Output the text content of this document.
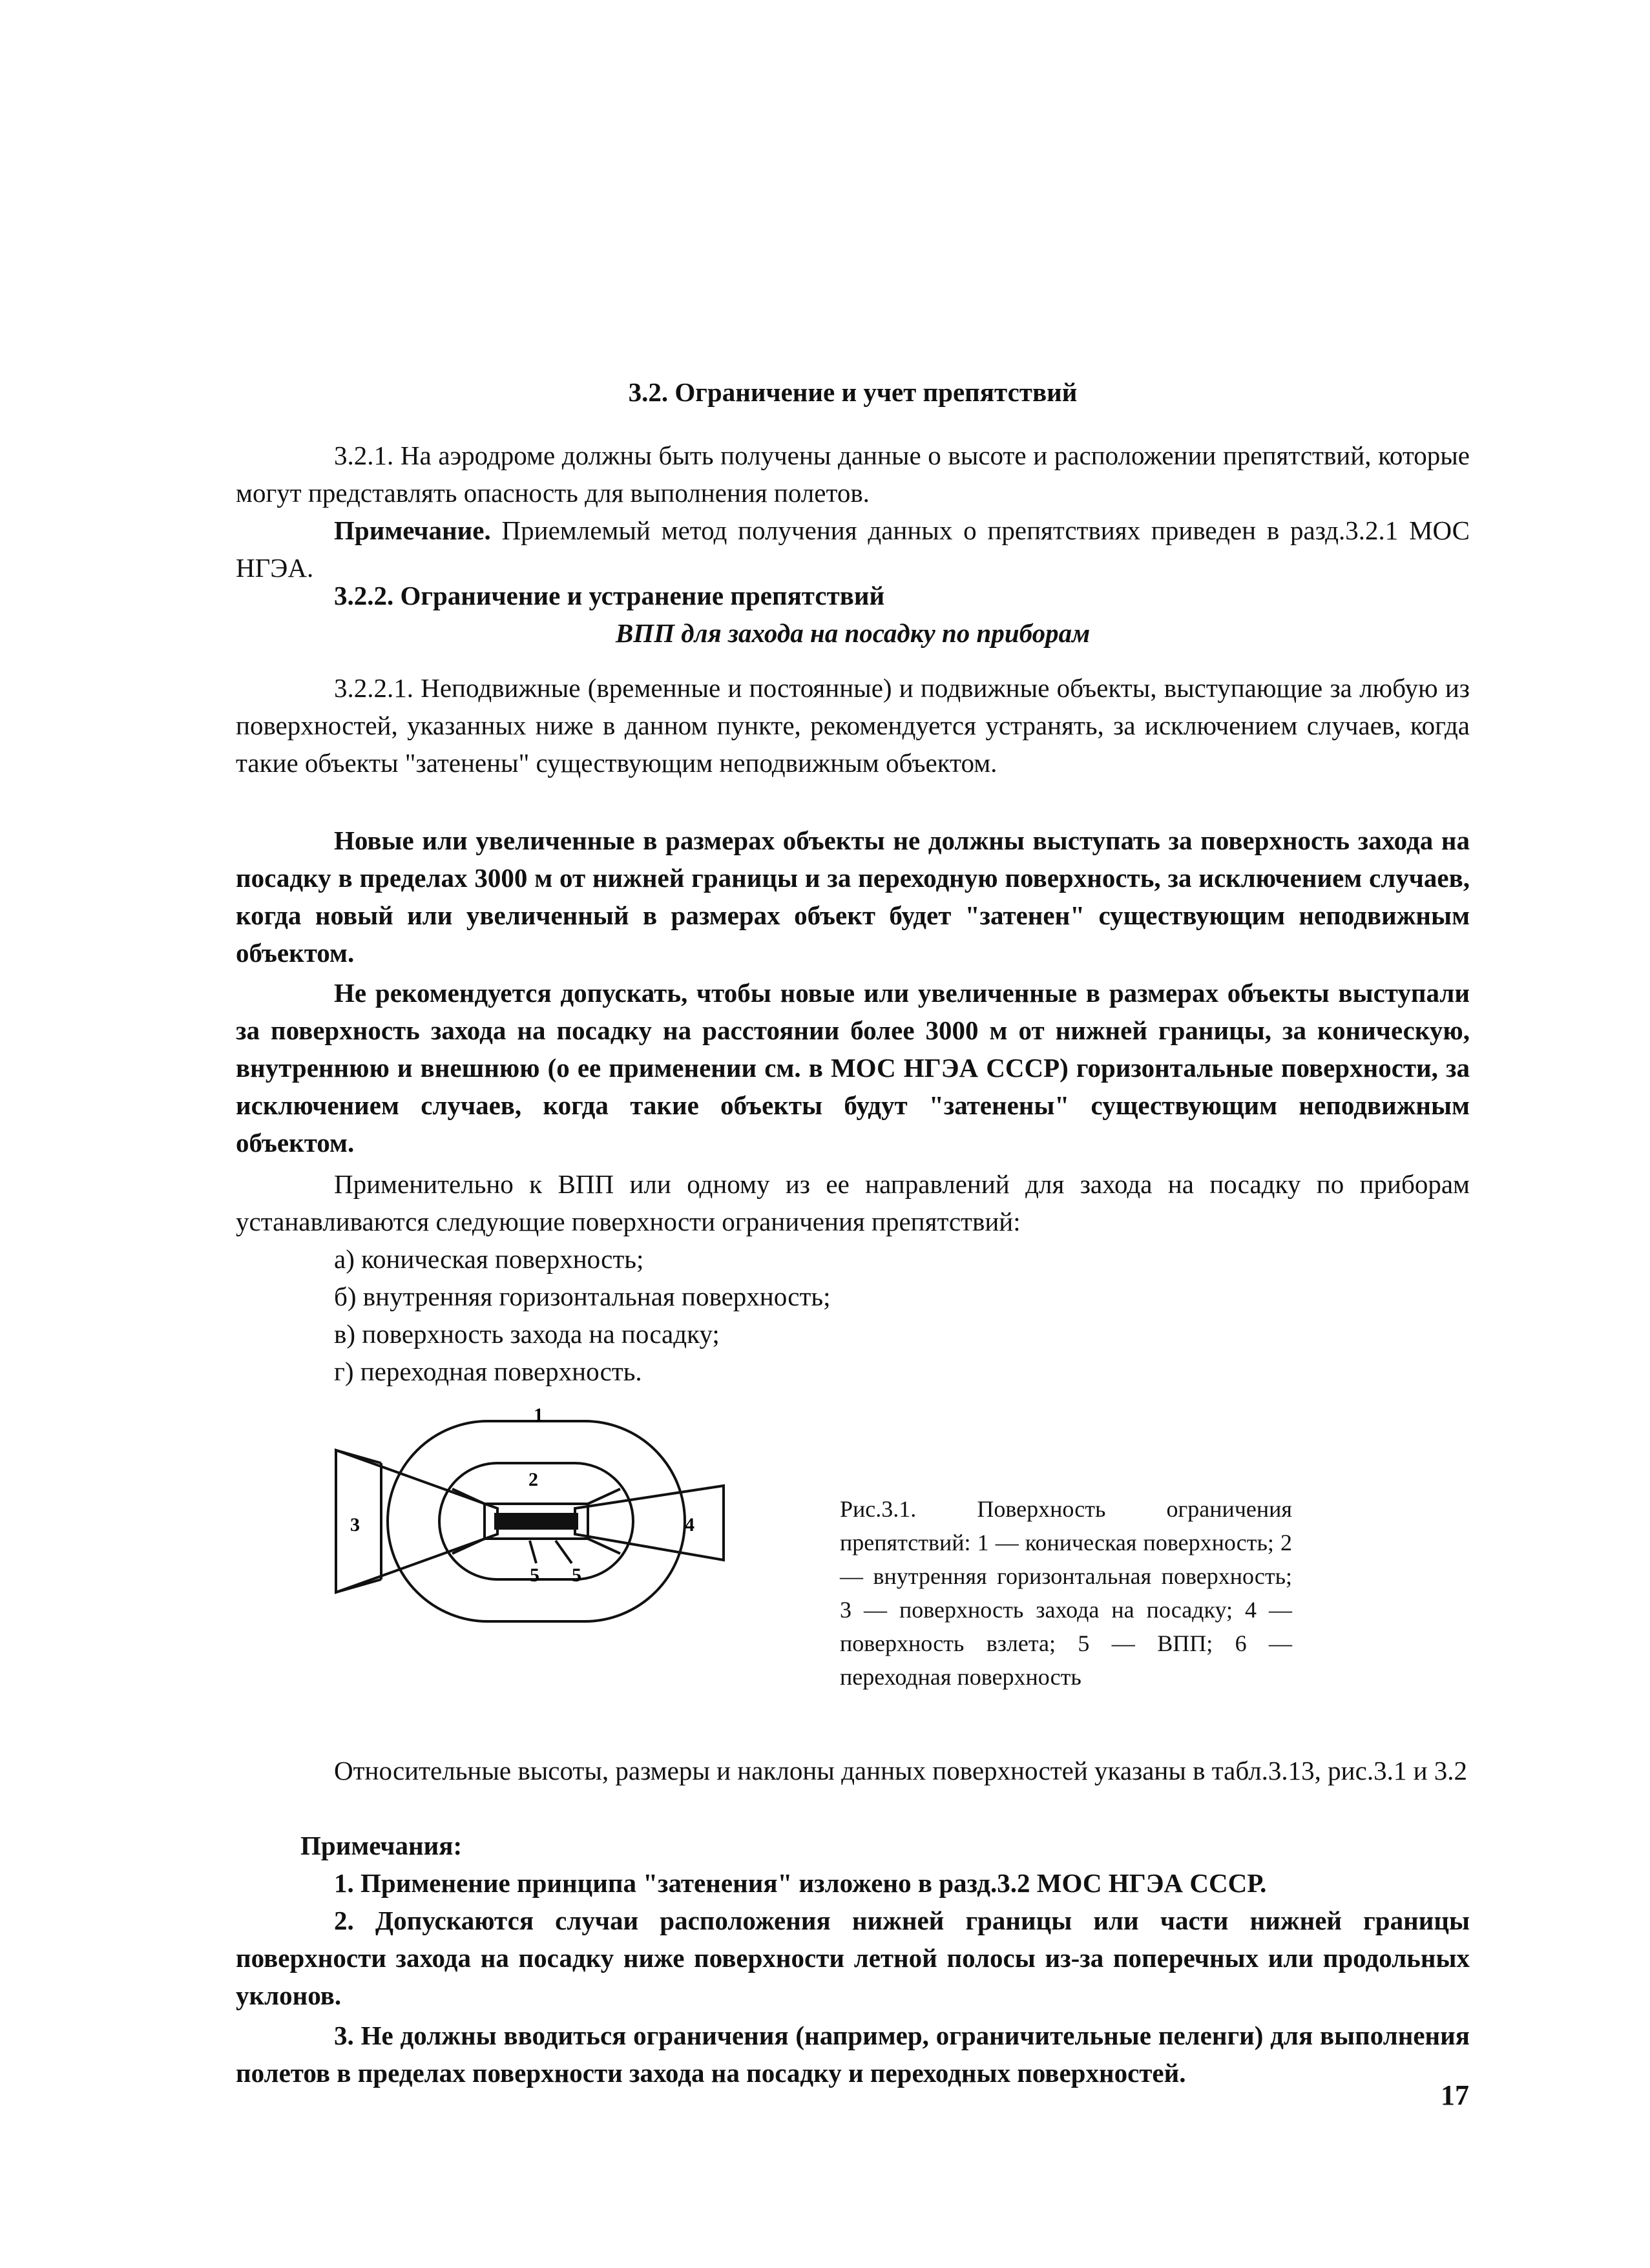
3.2. Ограничение и учет препятствий
3.2.1. На аэродроме должны быть получены данные о высоте и расположении препятствий, которые могут представлять опасность для выполнения полетов.
Примечание. Приемлемый метод получения данных о препятствиях приведен в разд.3.2.1 МОС НГЭА.
3.2.2. Ограничение и устранение препятствий
ВПП для захода на посадку по приборам
3.2.2.1. Неподвижные (временные и постоянные) и подвижные объекты, выступающие за любую из поверхностей, указанных ниже в данном пункте, рекомендуется устранять, за исключением случаев, когда такие объекты "затенены" существующим неподвижным объектом.
Новые или увеличенные в размерах объекты не должны выступать за поверхность захода на посадку в пределах 3000 м от нижней границы и за переходную поверхность, за исключением случаев, когда новый или увеличенный в размерах объект будет "затенен" существующим неподвижным объектом.
Не рекомендуется допускать, чтобы новые или увеличенные в размерах объекты выступали за поверхность захода на посадку на расстоянии более 3000 м от нижней границы, за коническую, внутреннюю и внешнюю (о ее применении см. в МОС НГЭА СССР) горизонтальные поверхности, за исключением случаев, когда такие объекты будут "затенены" существующим неподвижным объектом.
Применительно к ВПП или одному из ее направлений для захода на посадку по приборам устанавливаются следующие поверхности ограничения препятствий:
а) коническая поверхность;
б) внутренняя горизонтальная поверхность;
в) поверхность захода на посадку;
г) переходная поверхность.
1
2
3	4
5 5
Рис.3.1. Поверхность ограничения препятствий: 1 — коническая поверхность; 2 — внутренняя горизонтальная поверхность; 3 — поверхность захода на посадку; 4 — поверхность взлета; 5 — ВПП; 6 —переходная поверхность
Относительные высоты, размеры и наклоны данных поверхностей указаны в табл.3.13, рис.3.1 и 3.2
Примечания:
1. Применение принципа "затенения" изложено в разд.3.2 МОС НГЭА СССР.
2. Допускаются случаи расположения нижней границы или части нижней границы поверхности захода на посадку ниже поверхности летной полосы из-за поперечных или продольных уклонов.
3. Не должны вводиться ограничения (например, ограничительные пеленги) для выполнения полетов в пределах поверхности захода на посадку и переходных поверхностей.
17
